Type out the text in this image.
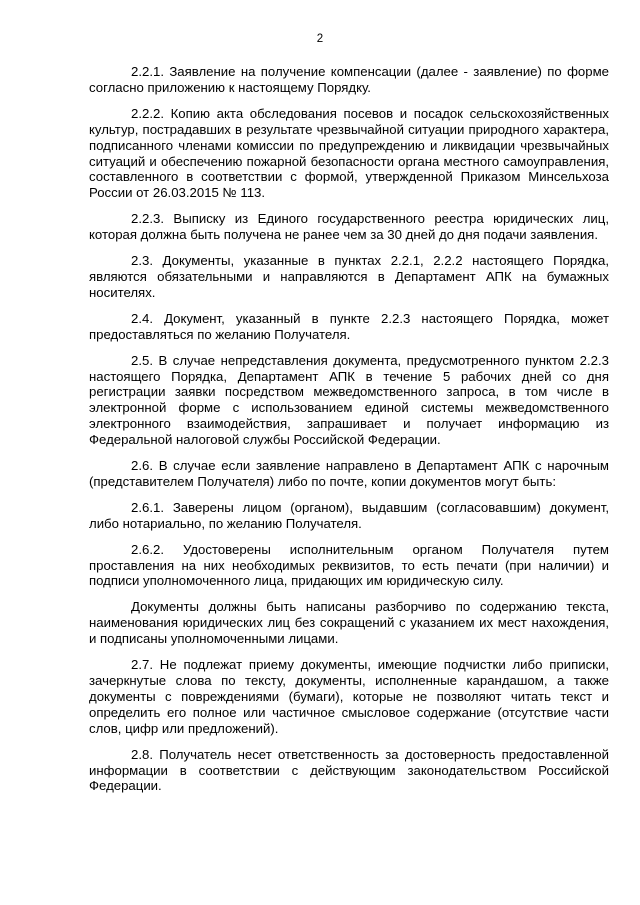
2

2.2.1. Заявление на получение компенсации (далее - заявление) по форме согласно приложению к настоящему Порядку.

2.2.2. Копию акта обследования посевов и посадок сельскохозяйственных культур, пострадавших в результате чрезвычайной ситуации природного характера, подписанного членами комиссии по предупреждению и ликвидации чрезвычайных ситуаций и обеспечению пожарной безопасности органа местного самоуправления, составленного в соответствии с формой, утвержденной Приказом Минсельхоза России от 26.03.2015 № 113.

2.2.3. Выписку из Единого государственного реестра юридических лиц, которая должна быть получена не ранее чем за 30 дней до дня подачи заявления.

2.3. Документы, указанные в пунктах 2.2.1, 2.2.2 настоящего Порядка, являются обязательными и направляются в Департамент АПК на бумажных носителях.

2.4. Документ, указанный в пункте 2.2.3 настоящего Порядка, может предоставляться по желанию Получателя.

2.5. В случае непредставления документа, предусмотренного пунктом 2.2.3 настоящего Порядка, Департамент АПК в течение 5 рабочих дней со дня регистрации заявки посредством межведомственного запроса, в том числе в электронной форме с использованием единой системы межведомственного электронного взаимодействия, запрашивает и получает информацию из Федеральной налоговой службы Российской Федерации.

2.6. В случае если заявление направлено в Департамент АПК с нарочным (представителем Получателя) либо по почте, копии документов могут быть:

2.6.1. Заверены лицом (органом), выдавшим (согласовавшим) документ, либо нотариально, по желанию Получателя.

2.6.2. Удостоверены исполнительным органом Получателя путем проставления на них необходимых реквизитов, то есть печати (при наличии) и подписи уполномоченного лица, придающих им юридическую силу.

Документы должны быть написаны разборчиво по содержанию текста, наименования юридических лиц без сокращений с указанием их мест нахождения, и подписаны уполномоченными лицами.

2.7. Не подлежат приему документы, имеющие подчистки либо приписки, зачеркнутые слова по тексту, документы, исполненные карандашом, а также документы с повреждениями (бумаги), которые не позволяют читать текст и определить его полное или частичное смысловое содержание (отсутствие части слов, цифр или предложений).

2.8. Получатель несет ответственность за достоверность предоставленной информации в соответствии с действующим законодательством Российской Федерации.
